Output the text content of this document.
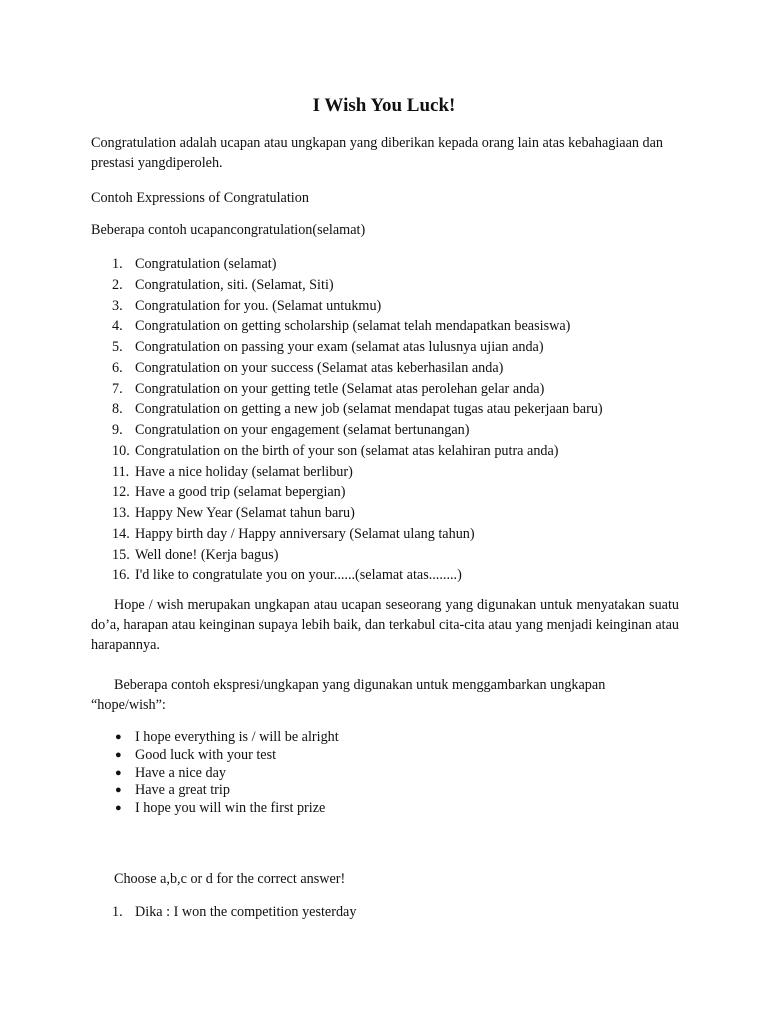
I Wish You Luck!

Congratulation adalah ucapan atau ungkapan yang diberikan kepada orang lain atas kebahagiaan dan prestasi yangdiperoleh.

Contoh Expressions of Congratulation

Beberapa contoh ucapancongratulation(selamat)

1. Congratulation (selamat)
2. Congratulation, siti. (Selamat, Siti)
3. Congratulation for you. (Selamat untukmu)
4. Congratulation on getting scholarship (selamat telah mendapatkan beasiswa)
5. Congratulation on passing your exam (selamat atas lulusnya ujian anda)
6. Congratulation on your success (Selamat atas keberhasilan anda)
7. Congratulation on your getting tetle (Selamat atas perolehan gelar anda)
8. Congratulation on getting a new job (selamat mendapat tugas atau pekerjaan baru)
9. Congratulation on your engagement (selamat bertunangan)
10. Congratulation on the birth of your son (selamat atas kelahiran putra anda)
11. Have a nice holiday (selamat berlibur)
12. Have a good trip (selamat bepergian)
13. Happy New Year (Selamat tahun baru)
14. Happy birth day / Happy anniversary (Selamat ulang tahun)
15. Well done! (Kerja bagus)
16. I'd like to congratulate you on your......(selamat atas........)

Hope / wish merupakan ungkapan atau ucapan seseorang yang digunakan untuk menyatakan suatu do’a, harapan atau keinginan supaya lebih baik, dan terkabul cita-cita atau yang menjadi keinginan atau harapannya.

Beberapa contoh ekspresi/ungkapan yang digunakan untuk menggambarkan ungkapan “hope/wish”:

● I hope everything is / will be alright
● Good luck with your test
● Have a nice day
● Have a great trip
● I hope you will win the first prize

Choose a,b,c or d for the correct answer!

1. Dika : I won the competition yesterday
